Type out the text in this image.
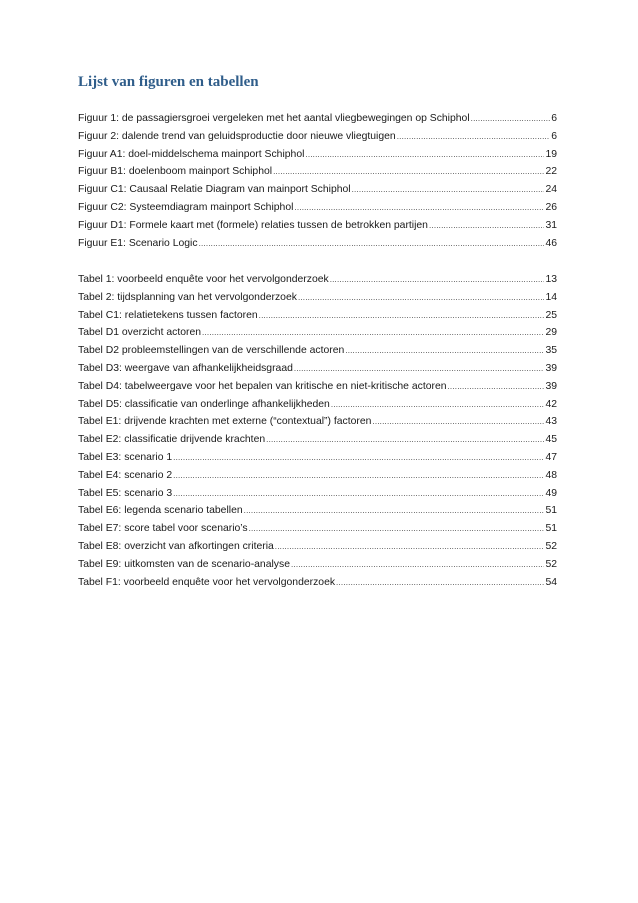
Lijst van figuren en tabellen
Figuur 1: de passagiersgroei vergeleken met het aantal vliegbewegingen op Schiphol .....	6
Figuur 2: dalende trend van geluidsproductie door nieuwe vliegtuigen .....	6
Figuur A1: doel-middelschema mainport Schiphol .....	19
Figuur B1: doelenboom mainport Schiphol .....	22
Figuur C1: Causaal Relatie Diagram van mainport Schiphol .....	24
Figuur C2: Systeemdiagram mainport Schiphol .....	26
Figuur D1: Formele kaart met (formele) relaties tussen de betrokken partijen .....	31
Figuur E1: Scenario Logic .....	46
Tabel 1: voorbeeld enquête voor het vervolgonderzoek .....	13
Tabel 2: tijdsplanning van het vervolgonderzoek .....	14
Tabel C1: relatietekens tussen factoren .....	25
Tabel D1 overzicht actoren .....	29
Tabel D2 probleemstellingen van de verschillende actoren .....	35
Tabel D3: weergave van afhankelijkheidsgraad .....	39
Tabel D4: tabelweergave voor het bepalen van kritische en niet-kritische actoren .....	39
Tabel D5: classificatie van onderlinge afhankelijkheden .....	42
Tabel E1: drijvende krachten met externe (“contextual”) factoren .....	43
Tabel E2: classificatie drijvende krachten .....	45
Tabel E3: scenario 1 .....	47
Tabel E4: scenario 2 .....	48
Tabel E5: scenario 3 .....	49
Tabel E6: legenda scenario tabellen .....	51
Tabel E7: score tabel voor scenario’s .....	51
Tabel E8: overzicht van afkortingen criteria .....	52
Tabel E9: uitkomsten van de scenario-analyse .....	52
Tabel F1: voorbeeld enquête voor het vervolgonderzoek .....	54
